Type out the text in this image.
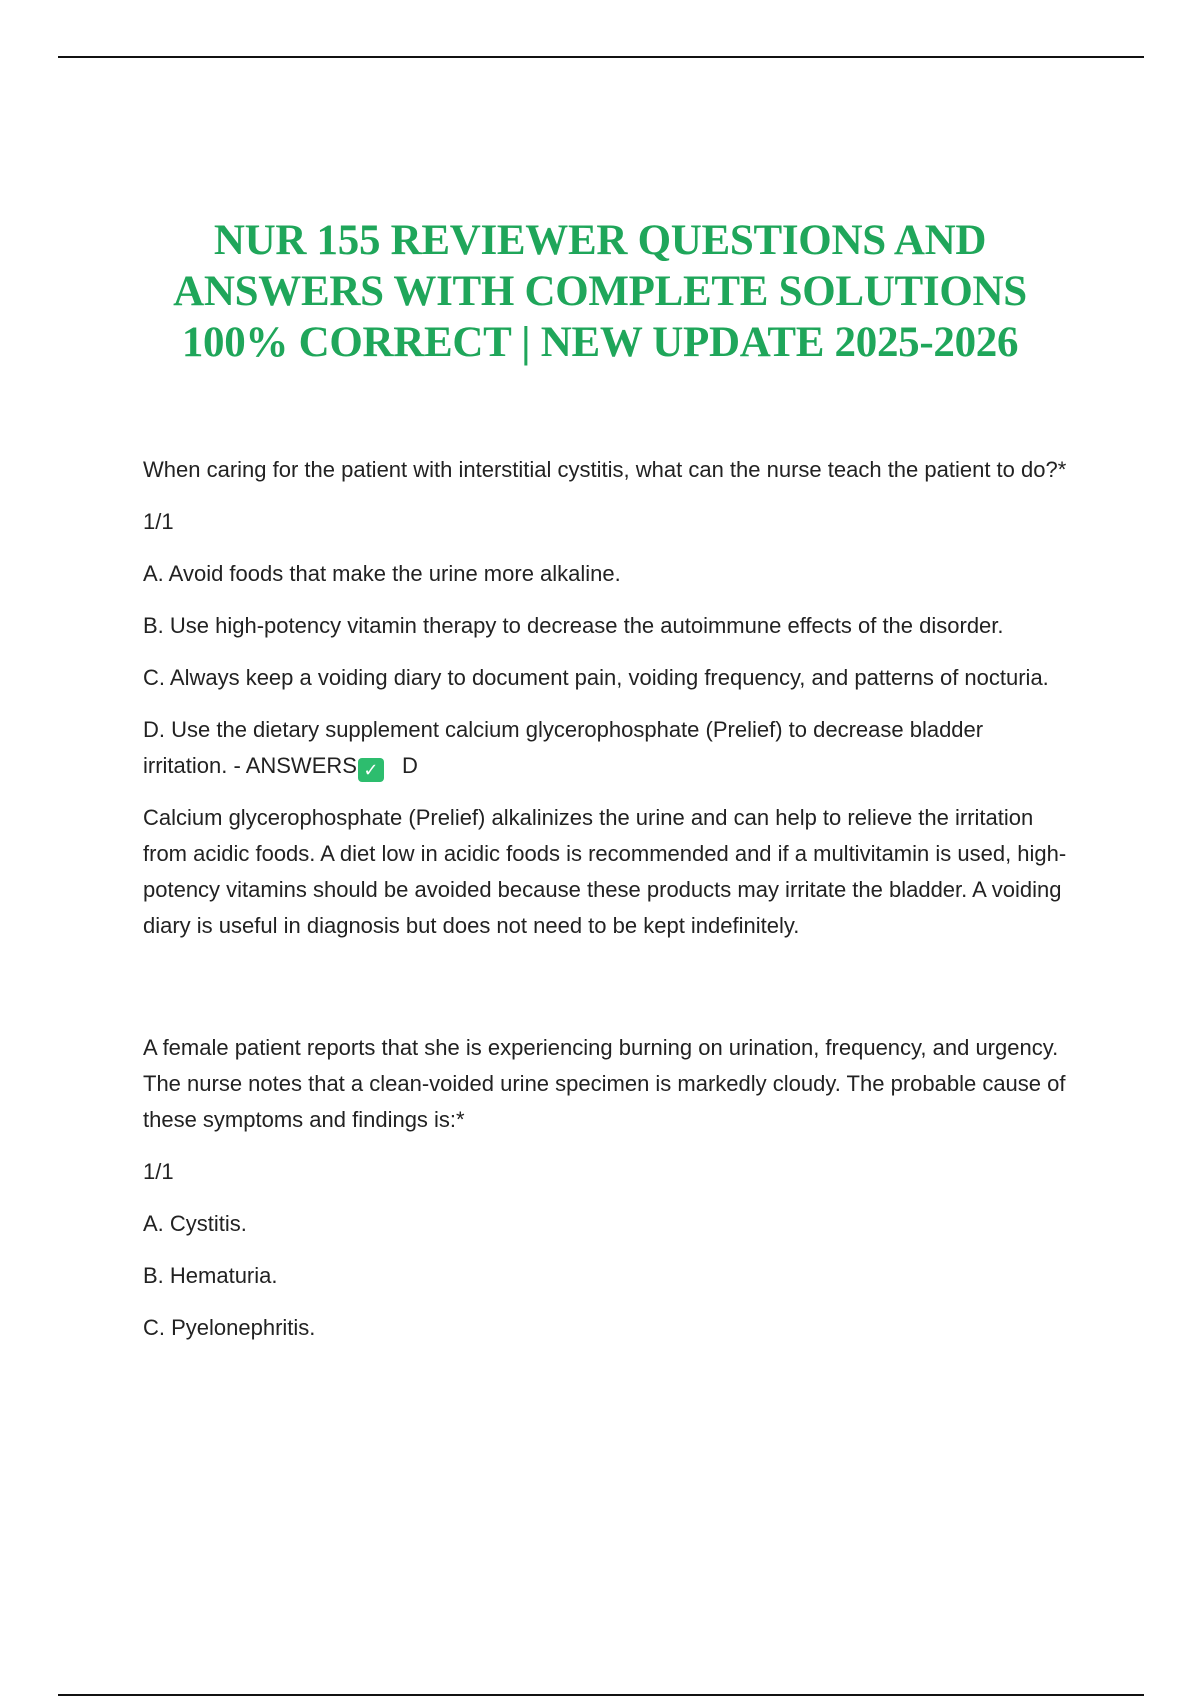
NUR 155 REVIEWER QUESTIONS AND
ANSWERS WITH COMPLETE SOLUTIONS
100% CORRECT | NEW UPDATE 2025-2026

When caring for the patient with interstitial cystitis, what can the nurse teach the patient to do?*

1/1

A. Avoid foods that make the urine more alkaline.

B. Use high-potency vitamin therapy to decrease the autoimmune effects of the disorder.

C. Always keep a voiding diary to document pain, voiding frequency, and patterns of nocturia.

D. Use the dietary supplement calcium glycerophosphate (Prelief) to decrease bladder irritation. - ANSWERS ✓ D

Calcium glycerophosphate (Prelief) alkalinizes the urine and can help to relieve the irritation from acidic foods. A diet low in acidic foods is recommended and if a multivitamin is used, high-potency vitamins should be avoided because these products may irritate the bladder. A voiding diary is useful in diagnosis but does not need to be kept indefinitely.

A female patient reports that she is experiencing burning on urination, frequency, and urgency. The nurse notes that a clean-voided urine specimen is markedly cloudy. The probable cause of these symptoms and findings is:*

1/1

A. Cystitis.

B. Hematuria.

C. Pyelonephritis.
